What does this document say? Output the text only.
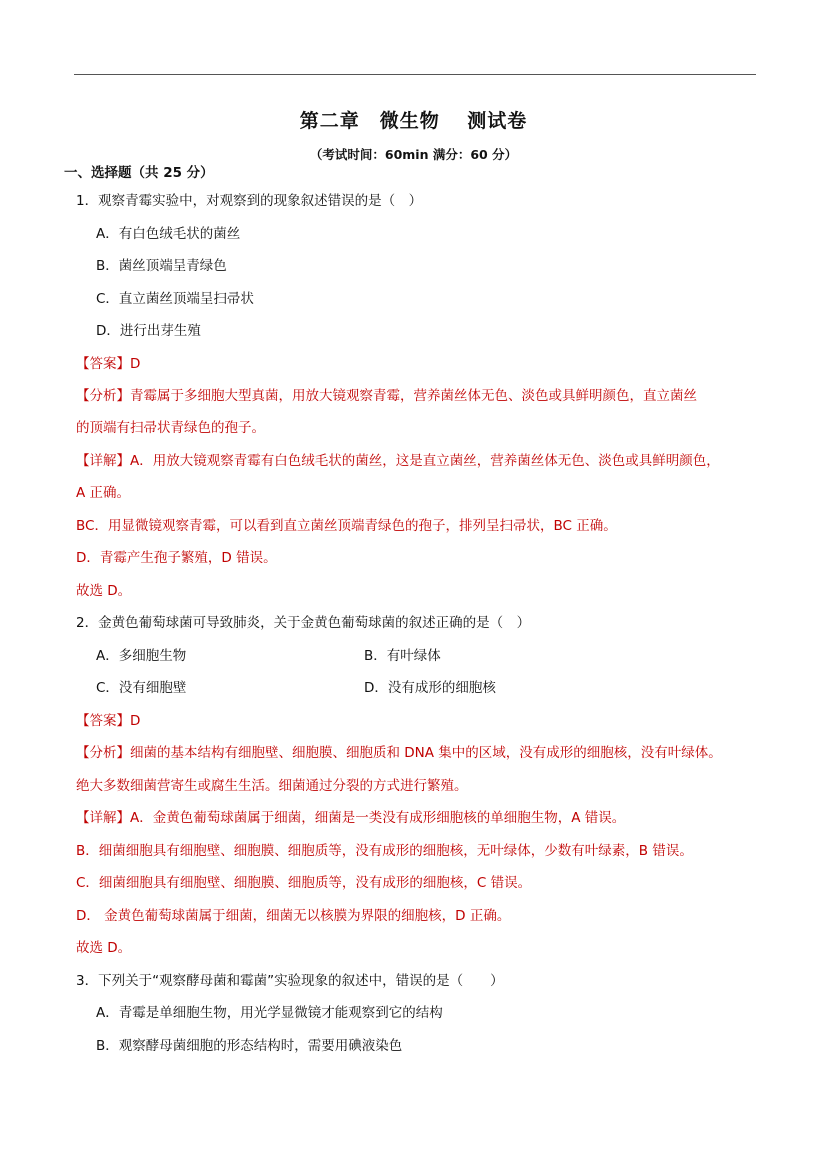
第二章　微生物　 测试卷
（考试时间：60min 满分：60 分）
一、选择题（共 25 分）
1．观察青霉实验中，对观察到的现象叙述错误的是（　）
A．有白色绒毛状的菌丝
B．菌丝顶端呈青绿色
C．直立菌丝顶端呈扫帚状
D．进行出芽生殖
【答案】D
【分析】青霉属于多细胞大型真菌，用放大镜观察青霉，营养菌丝体无色、淡色或具鲜明颜色，直立菌丝
的顶端有扫帚状青绿色的孢子。
【详解】A．用放大镜观察青霉有白色绒毛状的菌丝，这是直立菌丝，营养菌丝体无色、淡色或具鲜明颜色，
A 正确。
BC．用显微镜观察青霉，可以看到直立菌丝顶端青绿色的孢子，排列呈扫帚状，BC 正确。
D．青霉产生孢子繁殖，D 错误。
故选 D。
2．金黄色葡萄球菌可导致肺炎，关于金黄色葡萄球菌的叙述正确的是（　）
A．多细胞生物	B．有叶绿体
C．没有细胞壁	D．没有成形的细胞核
【答案】D
【分析】细菌的基本结构有细胞壁、细胞膜、细胞质和 DNA 集中的区域，没有成形的细胞核，没有叶绿体。
绝大多数细菌营寄生或腐生生活。细菌通过分裂的方式进行繁殖。
【详解】A．金黄色葡萄球菌属于细菌，细菌是一类没有成形细胞核的单细胞生物，A 错误。
B．细菌细胞具有细胞壁、细胞膜、细胞质等，没有成形的细胞核，无叶绿体，少数有叶绿素，B 错误。
C．细菌细胞具有细胞壁、细胞膜、细胞质等，没有成形的细胞核，C 错误。
D． 金黄色葡萄球菌属于细菌，细菌无以核膜为界限的细胞核，D 正确。
故选 D。
3．下列关于“观察酵母菌和霉菌”实验现象的叙述中，错误的是（　　）
A．青霉是单细胞生物，用光学显微镜才能观察到它的结构
B．观察酵母菌细胞的形态结构时，需要用碘液染色
